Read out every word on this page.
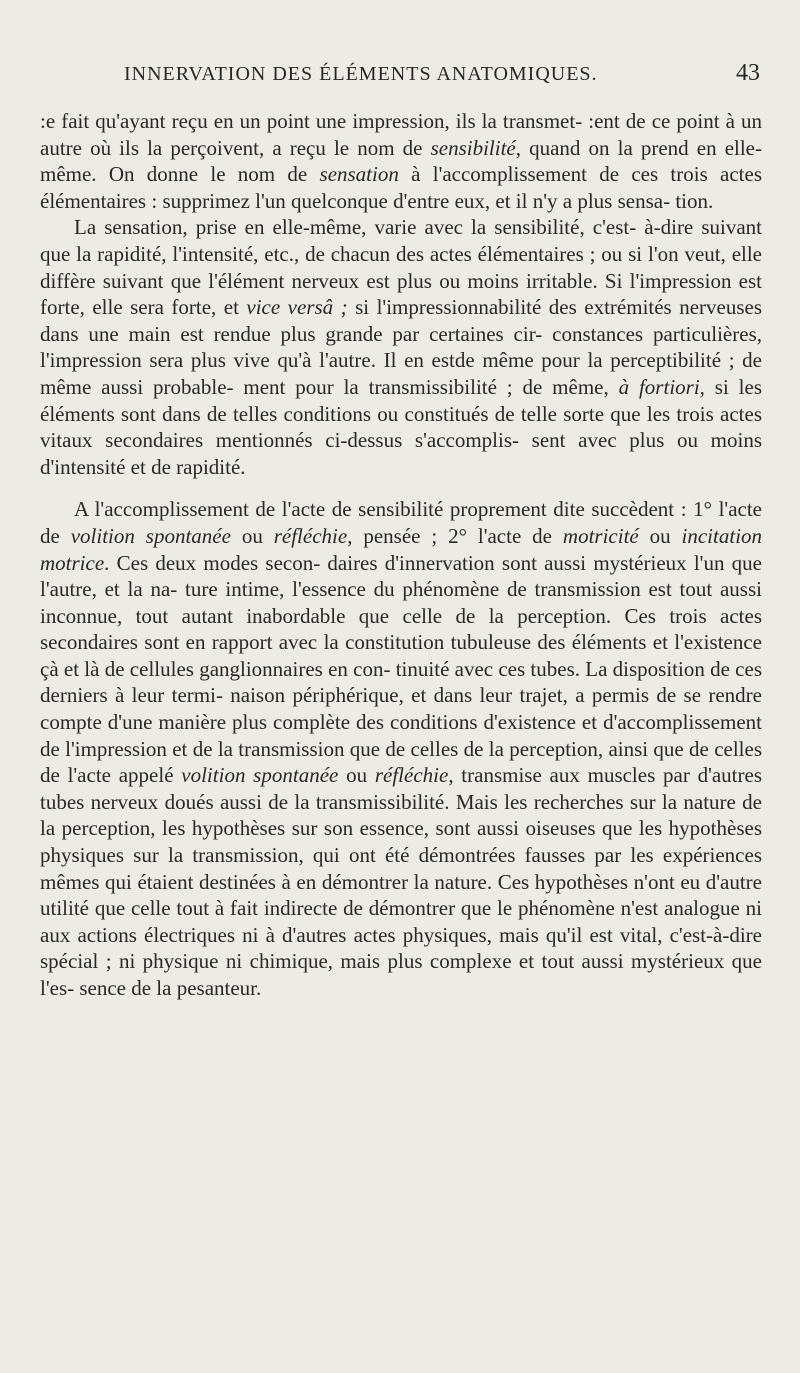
INNERVATION DES ÉLÉMENTS ANATOMIQUES.	43

:e fait qu'ayant reçu en un point une impression, ils la transmet- :ent de ce point à un autre où ils la perçoivent, a reçu le nom de sensibilité, quand on la prend en elle-même. On donne le nom de sensation à l'accomplissement de ces trois actes élémentaires : supprimez l'un quelconque d'entre eux, et il n'y a plus sensa- tion.

La sensation, prise en elle-même, varie avec la sensibilité, c'est- à-dire suivant que la rapidité, l'intensité, etc., de chacun des actes élémentaires ; ou si l'on veut, elle diffère suivant que l'élément nerveux est plus ou moins irritable. Si l'impression est forte, elle sera forte, et vice versâ ; si l'impressionnabilité des extrémités nerveuses dans une main est rendue plus grande par certaines cir- constances particulières, l'impression sera plus vive qu'à l'autre. Il en estde même pour la perceptibilité ; de même aussi probable- ment pour la transmissibilité ; de même, à fortiori, si les éléments sont dans de telles conditions ou constitués de telle sorte que les trois actes vitaux secondaires mentionnés ci-dessus s'accomplis- sent avec plus ou moins d'intensité et de rapidité.

A l'accomplissement de l'acte de sensibilité proprement dite succèdent : 1° l'acte de volition spontanée ou réfléchie, pensée ; 2° l'acte de motricité ou incitation motrice. Ces deux modes secon- daires d'innervation sont aussi mystérieux l'un que l'autre, et la na- ture intime, l'essence du phénomène de transmission est tout aussi inconnue, tout autant inabordable que celle de la perception. Ces trois actes secondaires sont en rapport avec la constitution tubuleuse des éléments et l'existence çà et là de cellules ganglionnaires en con- tinuité avec ces tubes. La disposition de ces derniers à leur termi- naison périphérique, et dans leur trajet, a permis de se rendre compte d'une manière plus complète des conditions d'existence et d'accomplissement de l'impression et de la transmission que de celles de la perception, ainsi que de celles de l'acte appelé volition spontanée ou réfléchie, transmise aux muscles par d'autres tubes nerveux doués aussi de la transmissibilité. Mais les recherches sur la nature de la perception, les hypothèses sur son essence, sont aussi oiseuses que les hypothèses physiques sur la transmission, qui ont été démontrées fausses par les expériences mêmes qui étaient destinées à en démontrer la nature. Ces hypothèses n'ont eu d'autre utilité que celle tout à fait indirecte de démontrer que le phénomène n'est analogue ni aux actions électriques ni à d'autres actes physiques, mais qu'il est vital, c'est-à-dire spécial ; ni physique ni chimique, mais plus complexe et tout aussi mystérieux que l'es- sence de la pesanteur.
